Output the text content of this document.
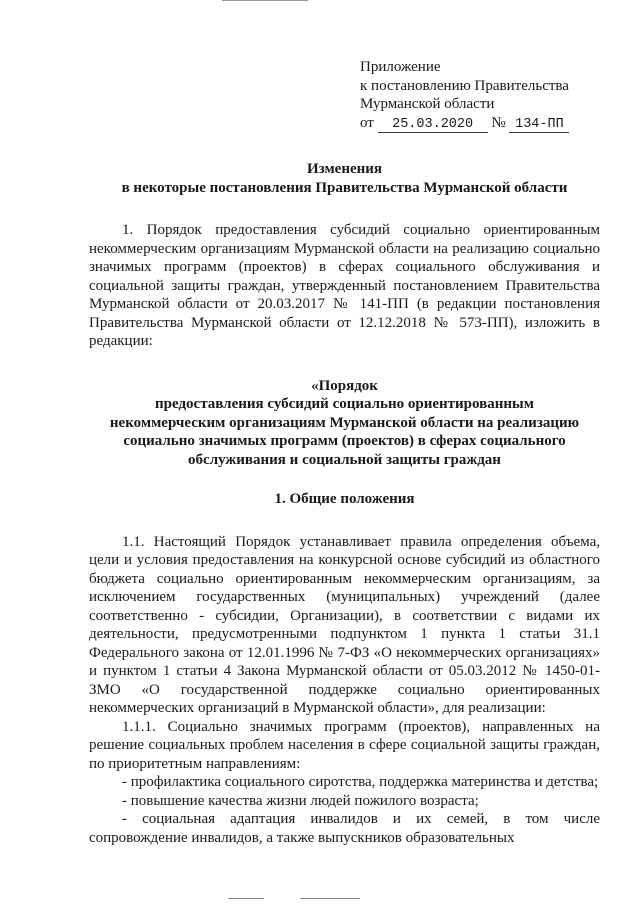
Приложение
к постановлению Правительства
Мурманской области
от 25.03.2020 № 134-ПП
Изменения
в некоторые постановления Правительства Мурманской области

1. Порядок предоставления субсидий социально ориентированным некоммерческим организациям Мурманской области на реализацию социально значимых программ (проектов) в сферах социального обслуживания и социальной защиты граждан, утвержденный постановлением Правительства Мурманской области от 20.03.2017 № 141-ПП (в редакции постановления Правительства Мурманской области от 12.12.2018 № 573-ПП), изложить в редакции:

«Порядок
предоставления субсидий социально ориентированным
некоммерческим организациям Мурманской области на реализацию
социально значимых программ (проектов) в сферах социального
обслуживания и социальной защиты граждан
1. Общие положения

1.1. Настоящий Порядок устанавливает правила определения объема, цели и условия предоставления на конкурсной основе субсидий из областного бюджета социально ориентированным некоммерческим организациям, за исключением государственных (муниципальных) учреждений (далее соответственно - субсидии, Организации), в соответствии с видами их деятельности, предусмотренными подпунктом 1 пункта 1 статьи 31.1 Федерального закона от 12.01.1996 № 7-ФЗ «О некоммерческих организациях» и пунктом 1 статьи 4 Закона Мурманской области от 05.03.2012 № 1450-01-ЗМО «О государственной поддержке социально ориентированных некоммерческих организаций в Мурманской области», для реализации:

1.1.1. Социально значимых программ (проектов), направленных на решение социальных проблем населения в сфере социальной защиты граждан, по приоритетным направлениям:

- профилактика социального сиротства, поддержка материнства и детства;

- повышение качества жизни людей пожилого возраста;

- социальная адаптация инвалидов и их семей, в том числе сопровождение инвалидов, а также выпускников образовательных
